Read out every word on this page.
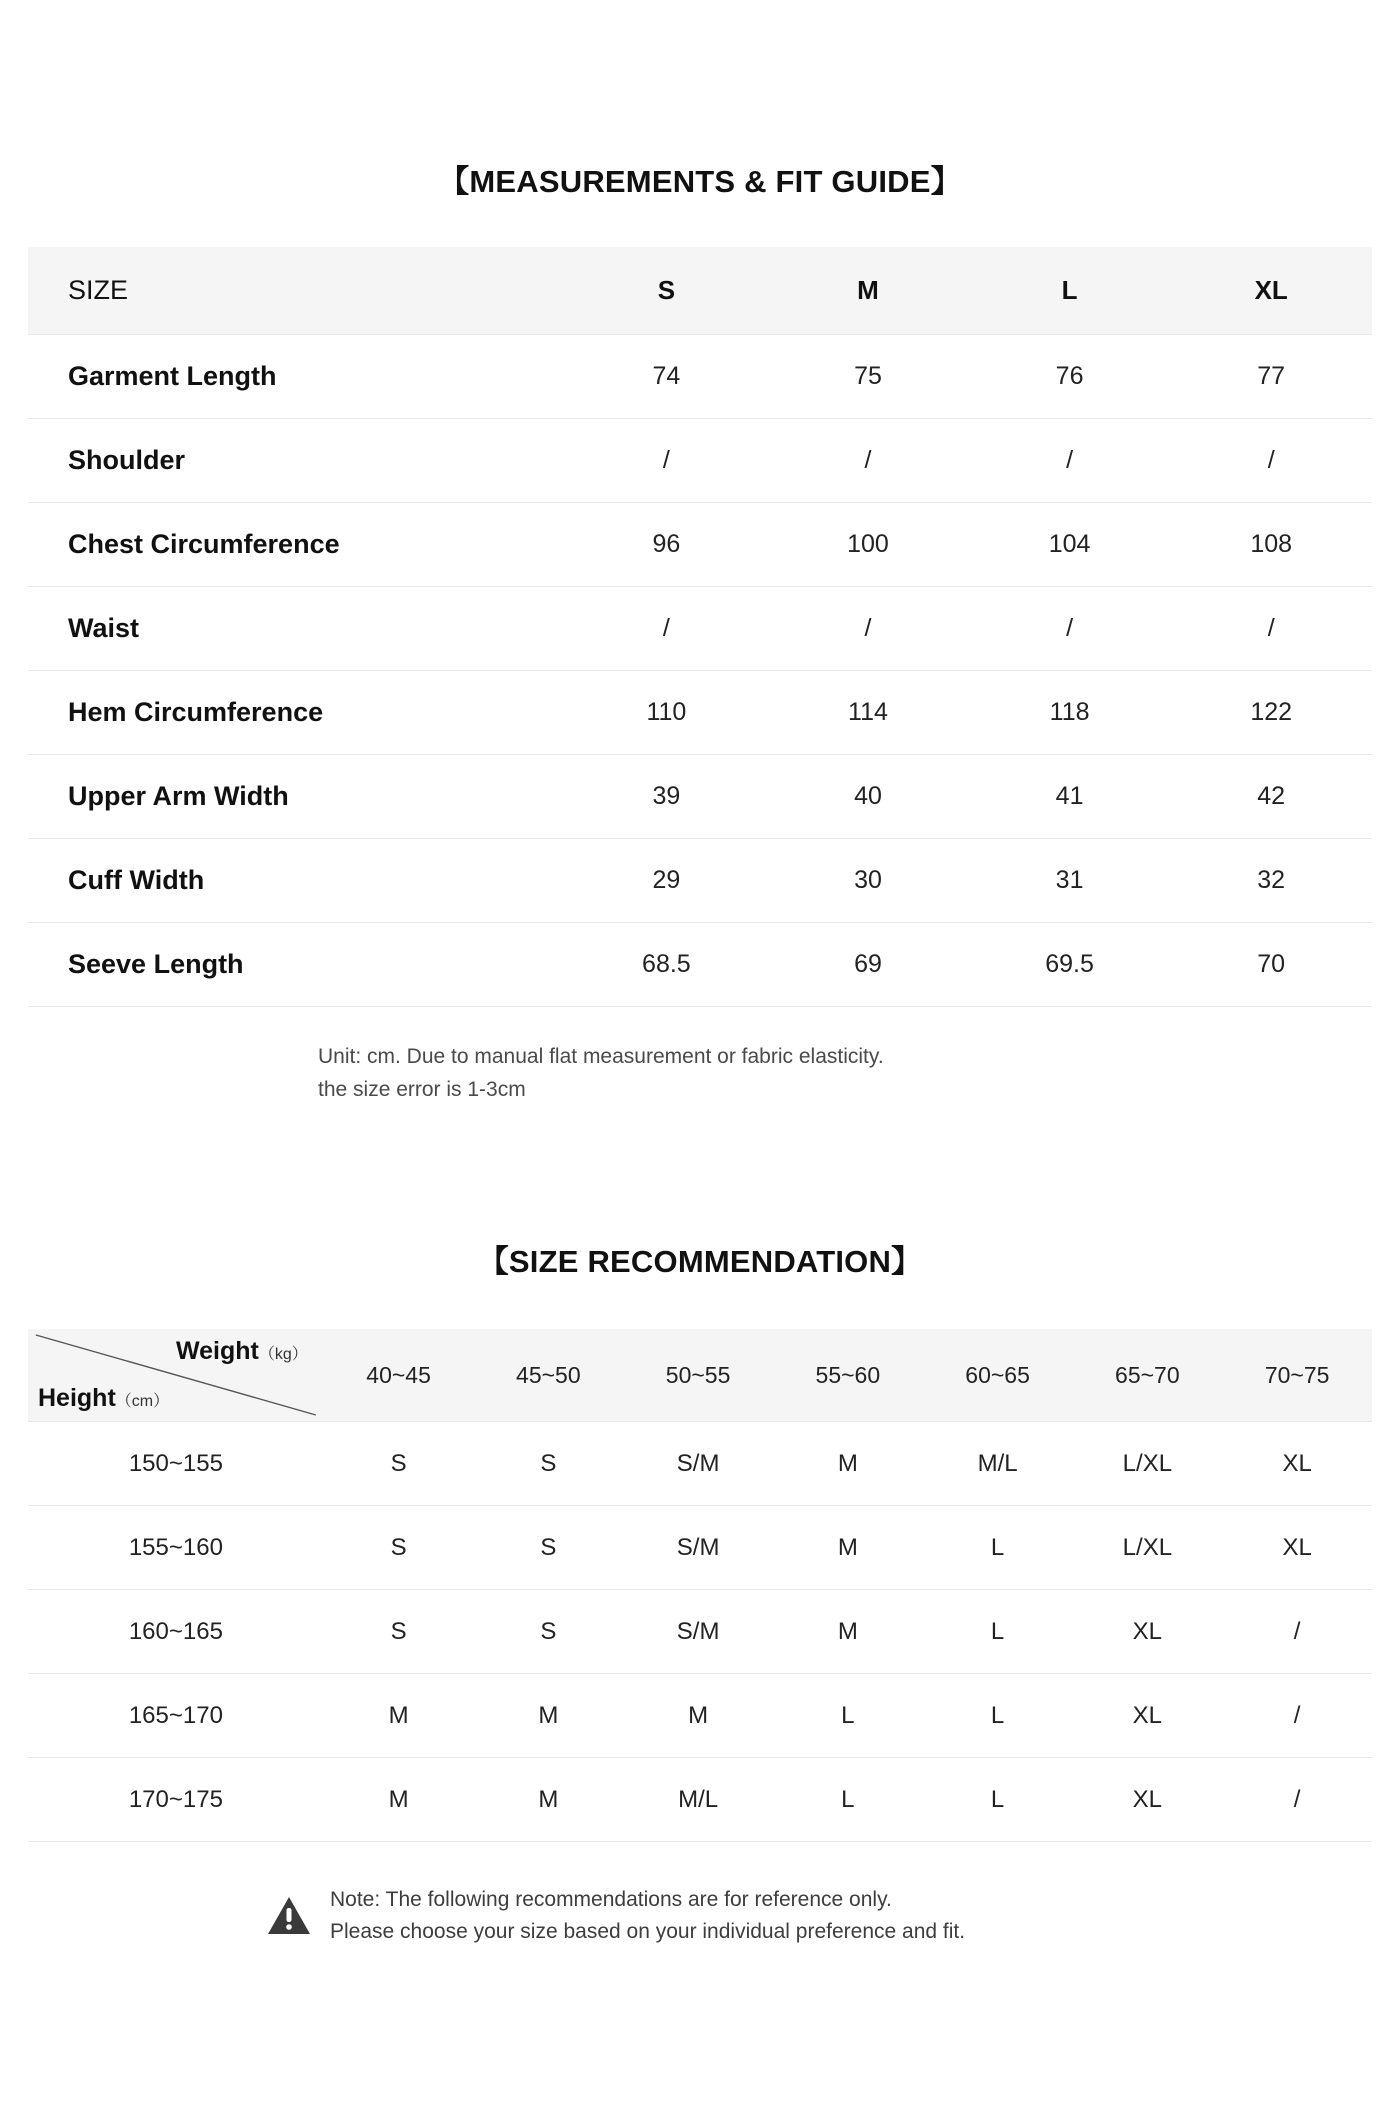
【MEASUREMENTS & FIT GUIDE】
SIZE	S	M	L	XL
Garment Length	74	75	76	77
Shoulder	/	/	/	/
Chest Circumference	96	100	104	108
Waist	/	/	/	/
Hem Circumference	110	114	118	122
Upper Arm Width	39	40	41	42
Cuff Width	29	30	31	32
Seeve Length	68.5	69	69.5	70

Unit: cm. Due to manual flat measurement or fabric elasticity.
the size error is 1-3cm

【SIZE RECOMMENDATION】
Weight（kg）
Height（cm）	40~45	45~50	50~55	55~60	60~65	65~70	70~75
150~155	S	S	S/M	M	M/L	L/XL	XL
155~160	S	S	S/M	M	L	L/XL	XL
160~165	S	S	S/M	M	L	XL	/
165~170	M	M	M	L	L	XL	/
170~175	M	M	M/L	L	L	XL	/
Note: The following recommendations are for reference only.
Please choose your size based on your individual preference and fit.
